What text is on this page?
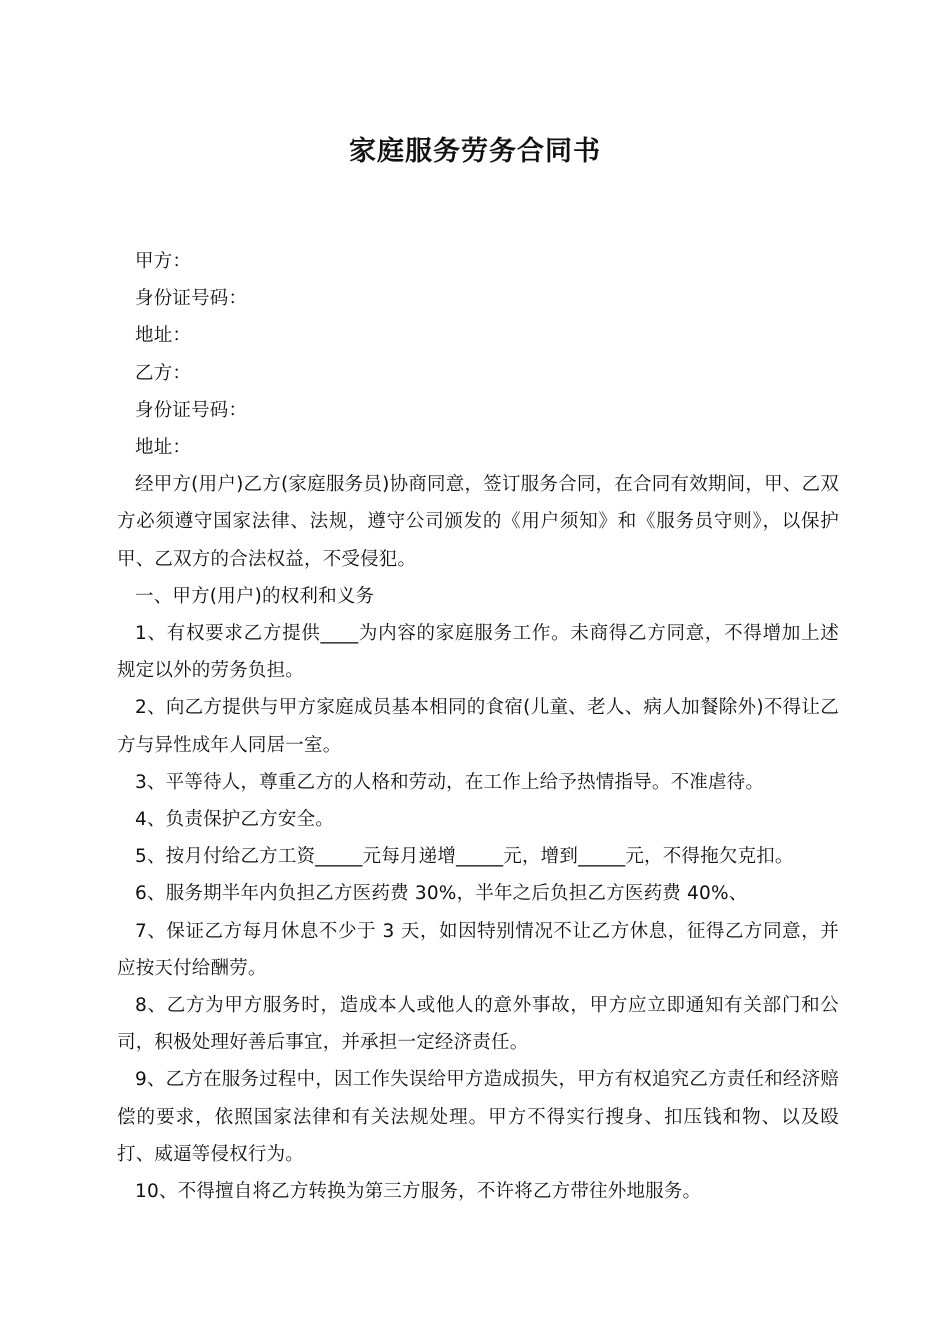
家庭服务劳务合同书

甲方：

身份证号码：

地址：

乙方：

身份证号码：

地址：

经甲方(用户)乙方(家庭服务员)协商同意，签订服务合同，在合同有效期间，甲、乙双方必须遵守国家法律、法规，遵守公司颁发的《用户须知》和《服务员守则》，以保护甲、乙双方的合法权益，不受侵犯。

一、甲方(用户)的权利和义务

1、有权要求乙方提供____为内容的家庭服务工作。未商得乙方同意，不得增加上述规定以外的劳务负担。

2、向乙方提供与甲方家庭成员基本相同的食宿(儿童、老人、病人加餐除外)不得让乙方与异性成年人同居一室。

3、平等待人，尊重乙方的人格和劳动，在工作上给予热情指导。不准虐待。

4、负责保护乙方安全。

5、按月付给乙方工资_____元每月递增_____元，增到_____元，不得拖欠克扣。

6、服务期半年内负担乙方医药费 30%，半年之后负担乙方医药费 40%、

7、保证乙方每月休息不少于 3 天，如因特别情况不让乙方休息，征得乙方同意，并应按天付给酬劳。

8、乙方为甲方服务时，造成本人或他人的意外事故，甲方应立即通知有关部门和公司，积极处理好善后事宜，并承担一定经济责任。

9、乙方在服务过程中，因工作失误给甲方造成损失，甲方有权追究乙方责任和经济赔偿的要求，依照国家法律和有关法规处理。甲方不得实行搜身、扣压钱和物、以及殴打、威逼等侵权行为。

10、不得擅自将乙方转换为第三方服务，不许将乙方带往外地服务。
